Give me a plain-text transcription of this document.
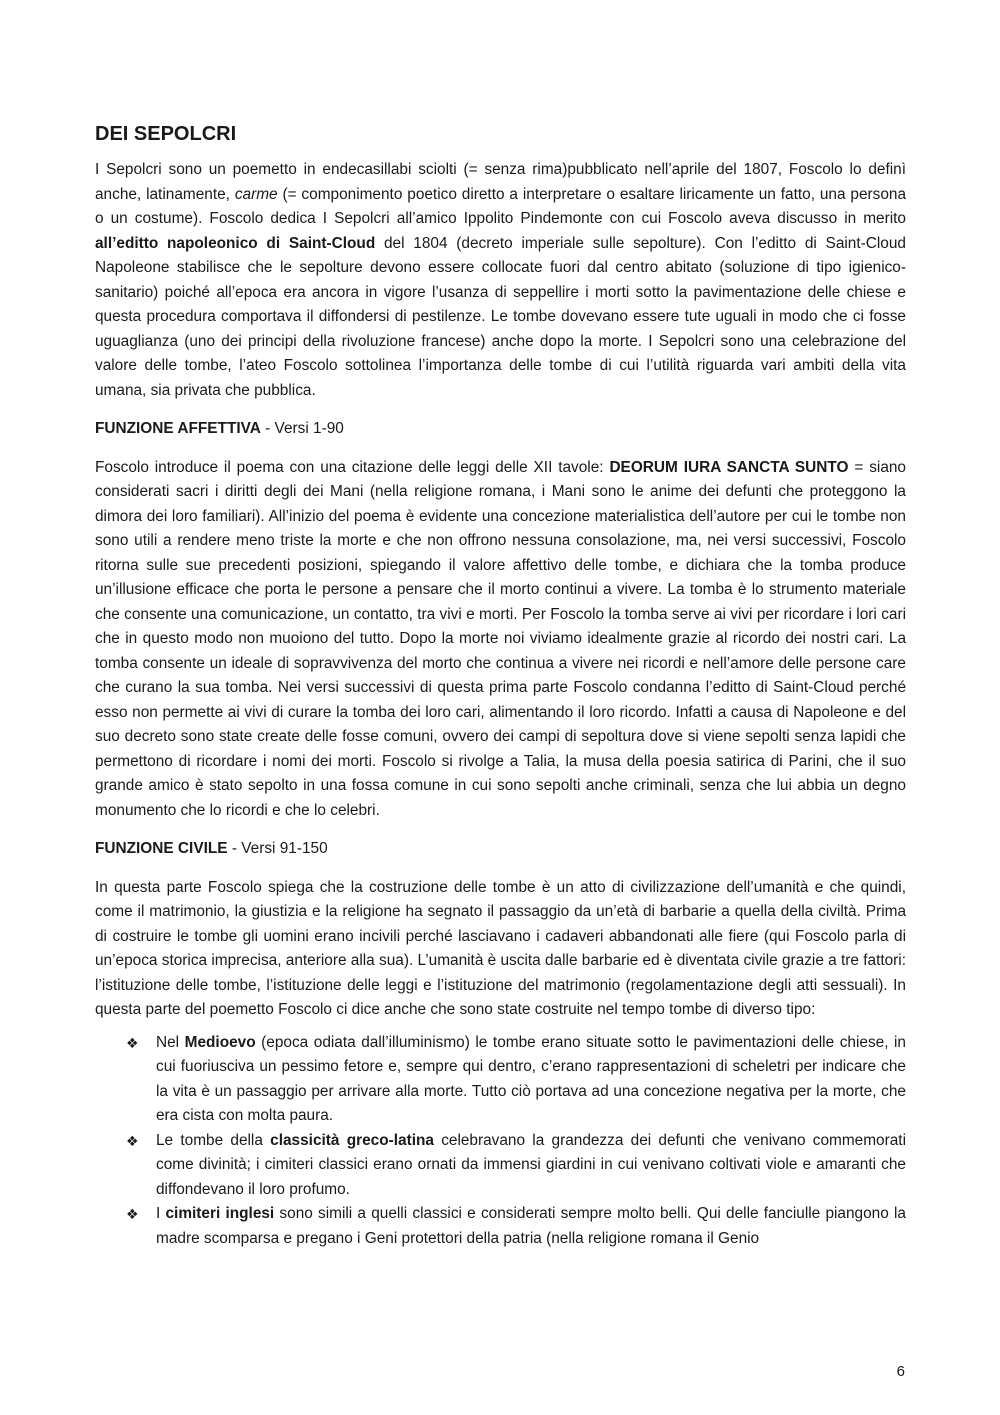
DEI SEPOLCRI

I Sepolcri sono un poemetto in endecasillabi sciolti (= senza rima)pubblicato nell’aprile del 1807, Foscolo lo definì anche, latinamente, carme (= componimento poetico diretto a interpretare o esaltare liricamente un fatto, una persona o un costume). Foscolo dedica I Sepolcri all’amico Ippolito Pindemonte con cui Foscolo aveva discusso in merito all’editto napoleonico di Saint-Cloud del 1804 (decreto imperiale sulle sepolture). Con l’editto di Saint-Cloud Napoleone stabilisce che le sepolture devono essere collocate fuori dal centro abitato (soluzione di tipo igienico-sanitario) poiché all’epoca era ancora in vigore l’usanza di seppellire i morti sotto la pavimentazione delle chiese e questa procedura comportava il diffondersi di pestilenze. Le tombe dovevano essere tute uguali in modo che ci fosse uguaglianza (uno dei principi della rivoluzione francese) anche dopo la morte. I Sepolcri sono una celebrazione del valore delle tombe, l’ateo Foscolo sottolinea l’importanza delle tombe di cui l’utilità riguarda vari ambiti della vita umana, sia privata che pubblica.

FUNZIONE AFFETTIVA - Versi 1-90

Foscolo introduce il poema con una citazione delle leggi delle XII tavole: DEORUM IURA SANCTA SUNTO = siano considerati sacri i diritti degli dei Mani (nella religione romana, i Mani sono le anime dei defunti che proteggono la dimora dei loro familiari). All’inizio del poema è evidente una concezione materialistica dell’autore per cui le tombe non sono utili a rendere meno triste la morte e che non offrono nessuna consolazione, ma, nei versi successivi, Foscolo ritorna sulle sue precedenti posizioni, spiegando il valore affettivo delle tombe, e dichiara che la tomba produce un’illusione efficace che porta le persone a pensare che il morto continui a vivere. La tomba è lo strumento materiale che consente una comunicazione, un contatto, tra vivi e morti. Per Foscolo la tomba serve ai vivi per ricordare i lori cari che in questo modo non muoiono del tutto. Dopo la morte noi viviamo idealmente grazie al ricordo dei nostri cari. La tomba consente un ideale di sopravvivenza del morto che continua a vivere nei ricordi e nell’amore delle persone care che curano la sua tomba. Nei versi successivi di questa prima parte Foscolo condanna l’editto di Saint-Cloud perché esso non permette ai vivi di curare la tomba dei loro cari, alimentando il loro ricordo. Infatti a causa di Napoleone e del suo decreto sono state create delle fosse comuni, ovvero dei campi di sepoltura dove si viene sepolti senza lapidi che permettono di ricordare i nomi dei morti. Foscolo si rivolge a Talia, la musa della poesia satirica di Parini, che il suo grande amico è stato sepolto in una fossa comune in cui sono sepolti anche criminali, senza che lui abbia un degno monumento che lo ricordi e che lo celebri.

FUNZIONE CIVILE - Versi 91-150

In questa parte Foscolo spiega che la costruzione delle tombe è un atto di civilizzazione dell’umanità e che quindi, come il matrimonio, la giustizia e la religione ha segnato il passaggio da un’età di barbarie a quella della civiltà. Prima di costruire le tombe gli uomini erano incivili perché lasciavano i cadaveri abbandonati alle fiere (qui Foscolo parla di un’epoca storica imprecisa, anteriore alla sua). L’umanità è uscita dalle barbarie ed è diventata civile grazie a tre fattori: l’istituzione delle tombe, l’istituzione delle leggi e l’istituzione del matrimonio (regolamentazione degli atti sessuali). In questa parte del poemetto Foscolo ci dice anche che sono state costruite nel tempo tombe di diverso tipo:

❖ Nel Medioevo (epoca odiata dall’illuminismo) le tombe erano situate sotto le pavimentazioni delle chiese, in cui fuoriusciva un pessimo fetore e, sempre qui dentro, c’erano rappresentazioni di scheletri per indicare che la vita è un passaggio per arrivare alla morte. Tutto ciò portava ad una concezione negativa per la morte, che era cista con molta paura.
❖ Le tombe della classicità greco-latina celebravano la grandezza dei defunti che venivano commemorati come divinità; i cimiteri classici erano ornati da immensi giardini in cui venivano coltivati viole e amaranti che diffondevano il loro profumo.
❖ I cimiteri inglesi sono simili a quelli classici e considerati sempre molto belli. Qui delle fanciulle piangono la madre scomparsa e pregano i Geni protettori della patria (nella religione romana il Genio
6
